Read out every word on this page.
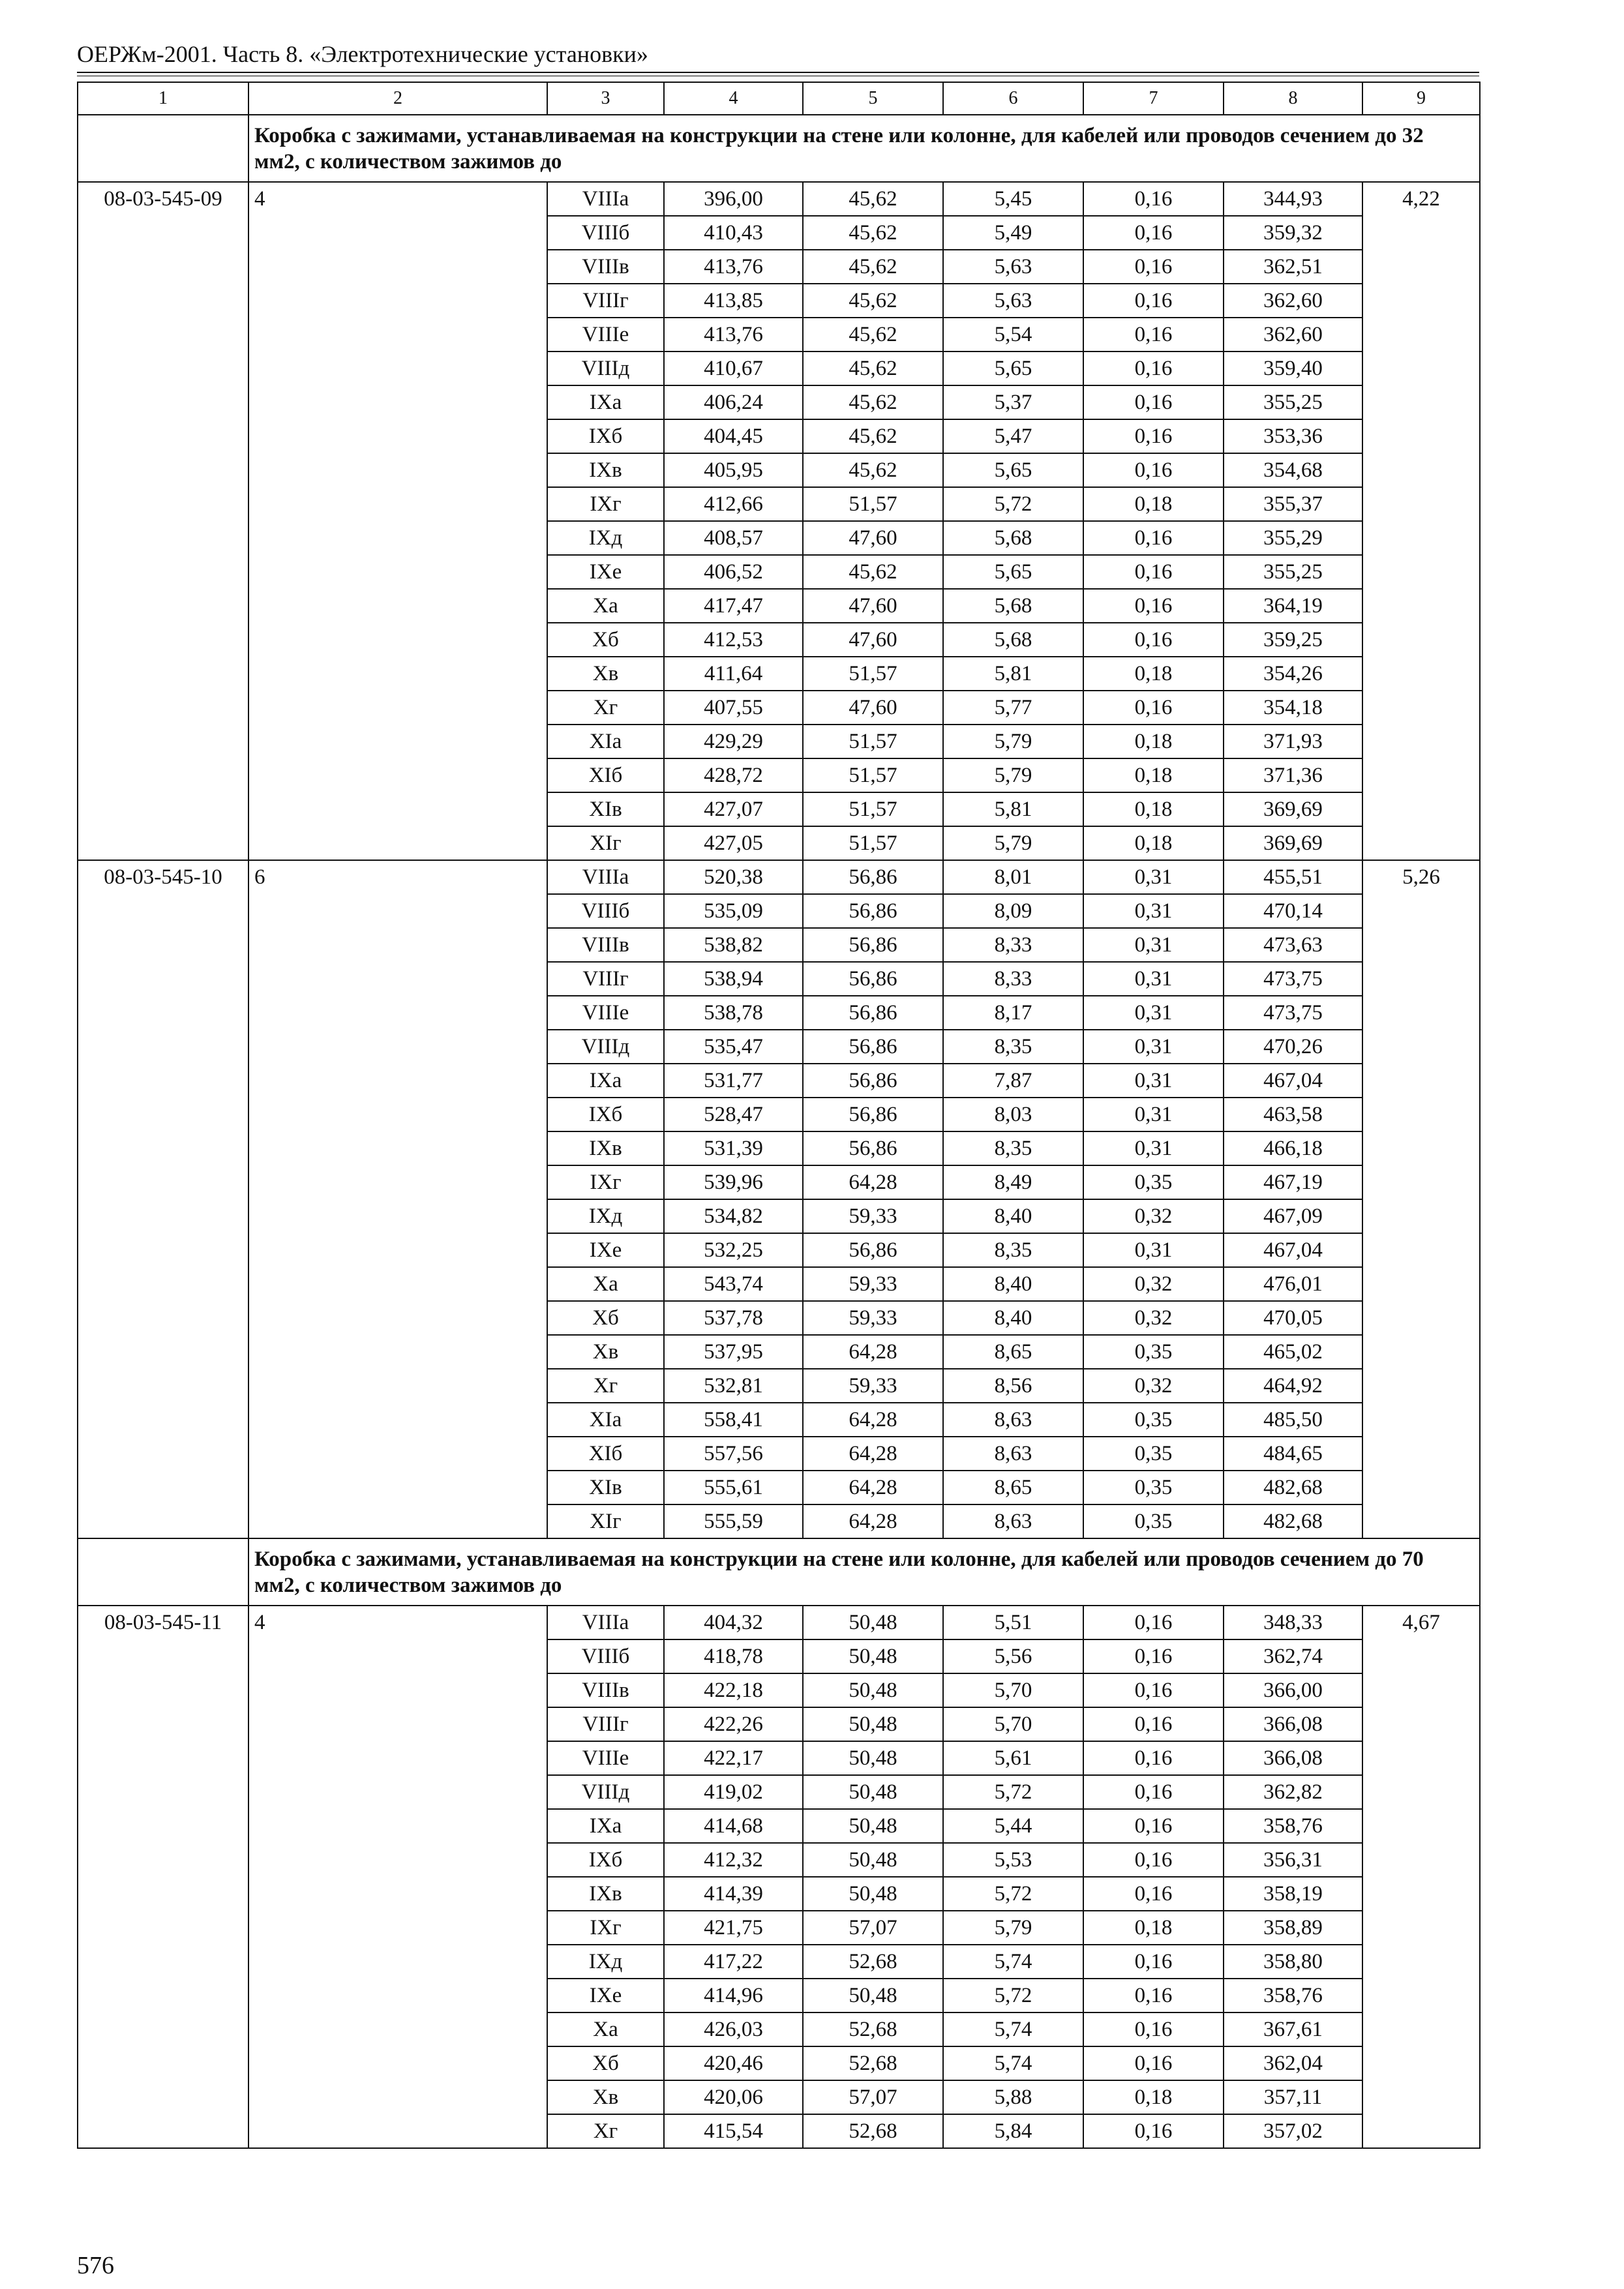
ОЕРЖм-2001. Часть 8. «Электротехнические установки»
1	2	3	4	5	6	7	8	9
	Коробка с зажимами, устанавливаемая на конструкции на стене или колонне, для кабелей или проводов сечением до 32 мм2, с количеством зажимов до							
08-03-545-09	4	VIIIа	396,00	45,62	5,45	0,16	344,93	4,22
		VIIIб	410,43	45,62	5,49	0,16	359,32	
		VIIIв	413,76	45,62	5,63	0,16	362,51	
		VIIIг	413,85	45,62	5,63	0,16	362,60	
		VIIIе	413,76	45,62	5,54	0,16	362,60	
		VIIIд	410,67	45,62	5,65	0,16	359,40	
		IXа	406,24	45,62	5,37	0,16	355,25	
		IXб	404,45	45,62	5,47	0,16	353,36	
		IXв	405,95	45,62	5,65	0,16	354,68	
		IXг	412,66	51,57	5,72	0,18	355,37	
		IXд	408,57	47,60	5,68	0,16	355,29	
		IXе	406,52	45,62	5,65	0,16	355,25	
		Xа	417,47	47,60	5,68	0,16	364,19	
		Xб	412,53	47,60	5,68	0,16	359,25	
		Xв	411,64	51,57	5,81	0,18	354,26	
		Xг	407,55	47,60	5,77	0,16	354,18	
		XIа	429,29	51,57	5,79	0,18	371,93	
		XIб	428,72	51,57	5,79	0,18	371,36	
		XIв	427,07	51,57	5,81	0,18	369,69	
		XIг	427,05	51,57	5,79	0,18	369,69	
08-03-545-10	6	VIIIа	520,38	56,86	8,01	0,31	455,51	5,26
		VIIIб	535,09	56,86	8,09	0,31	470,14	
		VIIIв	538,82	56,86	8,33	0,31	473,63	
		VIIIг	538,94	56,86	8,33	0,31	473,75	
		VIIIе	538,78	56,86	8,17	0,31	473,75	
		VIIIд	535,47	56,86	8,35	0,31	470,26	
		IXа	531,77	56,86	7,87	0,31	467,04	
		IXб	528,47	56,86	8,03	0,31	463,58	
		IXв	531,39	56,86	8,35	0,31	466,18	
		IXг	539,96	64,28	8,49	0,35	467,19	
		IXд	534,82	59,33	8,40	0,32	467,09	
		IXе	532,25	56,86	8,35	0,31	467,04	
		Xа	543,74	59,33	8,40	0,32	476,01	
		Xб	537,78	59,33	8,40	0,32	470,05	
		Xв	537,95	64,28	8,65	0,35	465,02	
		Xг	532,81	59,33	8,56	0,32	464,92	
		XIа	558,41	64,28	8,63	0,35	485,50	
		XIб	557,56	64,28	8,63	0,35	484,65	
		XIв	555,61	64,28	8,65	0,35	482,68	
		XIг	555,59	64,28	8,63	0,35	482,68	
	Коробка с зажимами, устанавливаемая на конструкции на стене или колонне, для кабелей или проводов сечением до 70 мм2, с количеством зажимов до							
08-03-545-11	4	VIIIа	404,32	50,48	5,51	0,16	348,33	4,67
		VIIIб	418,78	50,48	5,56	0,16	362,74	
		VIIIв	422,18	50,48	5,70	0,16	366,00	
		VIIIг	422,26	50,48	5,70	0,16	366,08	
		VIIIе	422,17	50,48	5,61	0,16	366,08	
		VIIIд	419,02	50,48	5,72	0,16	362,82	
		IXа	414,68	50,48	5,44	0,16	358,76	
		IXб	412,32	50,48	5,53	0,16	356,31	
		IXв	414,39	50,48	5,72	0,16	358,19	
		IXг	421,75	57,07	5,79	0,18	358,89	
		IXд	417,22	52,68	5,74	0,16	358,80	
		IXе	414,96	50,48	5,72	0,16	358,76	
		Xа	426,03	52,68	5,74	0,16	367,61	
		Xб	420,46	52,68	5,74	0,16	362,04	
		Xв	420,06	57,07	5,88	0,18	357,11	
		Xг	415,54	52,68	5,84	0,16	357,02	
576
